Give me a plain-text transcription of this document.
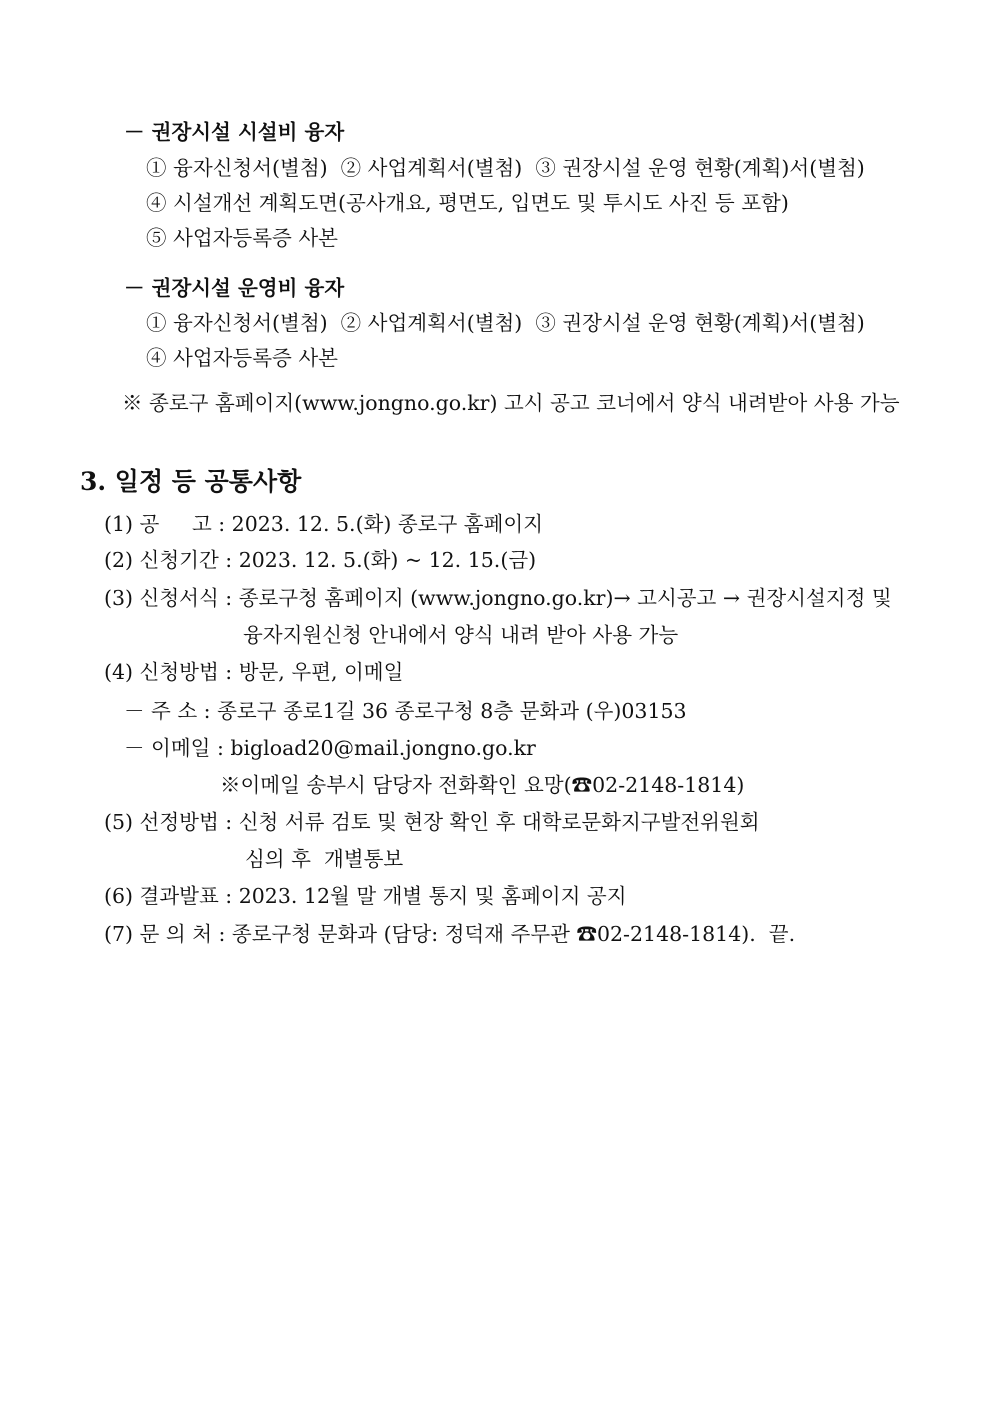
－ 권장시설 시설비 융자
① 융자신청서(별첨)  ② 사업계획서(별첨)  ③ 권장시설 운영 현황(계획)서(별첨)
④ 시설개선 계획도면(공사개요, 평면도, 입면도 및 투시도 사진 등 포함)
⑤ 사업자등록증 사본
－ 권장시설 운영비 융자
① 융자신청서(별첨)  ② 사업계획서(별첨)  ③ 권장시설 운영 현황(계획)서(별첨)
④ 사업자등록증 사본
※ 종로구 홈페이지(www.jongno.go.kr) 고시 공고 코너에서 양식 내려받아 사용 가능
3. 일정 등 공통사항
(1) 공     고 : 2023. 12. 5.(화) 종로구 홈페이지
(2) 신청기간 : 2023. 12. 5.(화) ~ 12. 15.(금)
(3) 신청서식 : 종로구청 홈페이지 (www.jongno.go.kr)→ 고시공고 → 권장시설지정 및
융자지원신청 안내에서 양식 내려 받아 사용 가능
(4) 신청방법 : 방문, 우편, 이메일
－ 주 소 : 종로구 종로1길 36 종로구청 8층 문화과 (우)03153
－ 이메일 : bigload20@mail.jongno.go.kr
※이메일 송부시 담당자 전화확인 요망(☎02-2148-1814)
(5) 선정방법 : 신청 서류 검토 및 현장 확인 후 대학로문화지구발전위원회
심의 후  개별통보
(6) 결과발표 : 2023. 12월 말 개별 통지 및 홈페이지 공지
(7) 문 의 처 : 종로구청 문화과 (담당: 정덕재 주무관 ☎02-2148-1814).  끝.
